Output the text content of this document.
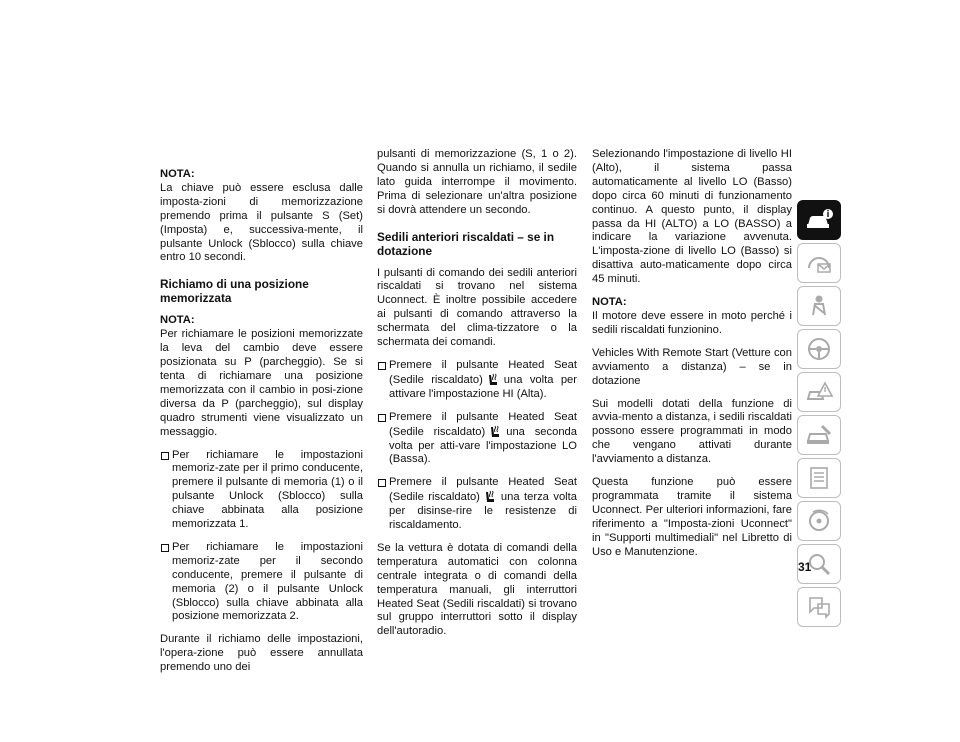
NOTA:
La chiave può essere esclusa dalle imposta-zioni di memorizzazione premendo prima il pulsante S (Set) (Imposta) e, successiva-mente, il pulsante Unlock (Sblocco) sulla chiave entro 10 secondi.

Richiamo di una posizione memorizzata

NOTA:
Per richiamare le posizioni memorizzate la leva del cambio deve essere posizionata su P (parcheggio). Se si tenta di richiamare una posizione memorizzata con il cambio in posi-zione diversa da P (parcheggio), sul display quadro strumenti viene visualizzato un messaggio.

Per richiamare le impostazioni memoriz-zate per il primo conducente, premere il pulsante di memoria (1) o il pulsante Unlock (Sblocco) sulla chiave abbinata alla posizione memorizzata 1.
Per richiamare le impostazioni memoriz-zate per il secondo conducente, premere il pulsante di memoria (2) o il pulsante Unlock (Sblocco) sulla chiave abbinata alla posizione memorizzata 2.

Durante il richiamo delle impostazioni, l'opera-zione può essere annullata premendo uno dei

pulsanti di memorizzazione (S, 1 o 2). Quando si annulla un richiamo, il sedile lato guida interrompe il movimento. Prima di selezionare un'altra posizione si dovrà attendere un secondo.

Sedili anteriori riscaldati – se in dotazione

I pulsanti di comando dei sedili anteriori riscaldati si trovano nel sistema Uconnect. È inoltre possibile accedere ai pulsanti di comando attraverso la schermata del clima-tizzatore o la schermata dei comandi.

Premere il pulsante Heated Seat (Sedile riscaldato) una volta per attivare l'impostazione HI (Alta).
Premere il pulsante Heated Seat (Sedile riscaldato) una seconda volta per atti-vare l'impostazione LO (Bassa).
Premere il pulsante Heated Seat (Sedile riscaldato) una terza volta per disinse-rire le resistenze di riscaldamento.

Se la vettura è dotata di comandi della temperatura automatici con colonna centrale integrata o di comandi della temperatura manuali, gli interruttori Heated Seat (Sedili riscaldati) si trovano sul gruppo interruttori sotto il display dell'autoradio.

Selezionando l'impostazione di livello HI (Alto), il sistema passa automaticamente al livello LO (Basso) dopo circa 60 minuti di funzionamento continuo. A questo punto, il display passa da HI (ALTO) a LO (BASSO) a indicare la variazione avvenuta. L'imposta-zione di livello LO (Basso) si disattiva auto-maticamente dopo circa 45 minuti.

NOTA:
Il motore deve essere in moto perché i sedili riscaldati funzionino.

Vehicles With Remote Start (Vetture con avviamento a distanza) – se in dotazione

Sui modelli dotati della funzione di avvia-mento a distanza, i sedili riscaldati possono essere programmati in modo che vengano attivati durante l'avviamento a distanza.

Questa funzione può essere programmata tramite il sistema Uconnect. Per ulteriori informazioni, fare riferimento a "Imposta-zioni Uconnect" in "Supporti multimediali" nel Libretto di Uso e Manutenzione.

31
